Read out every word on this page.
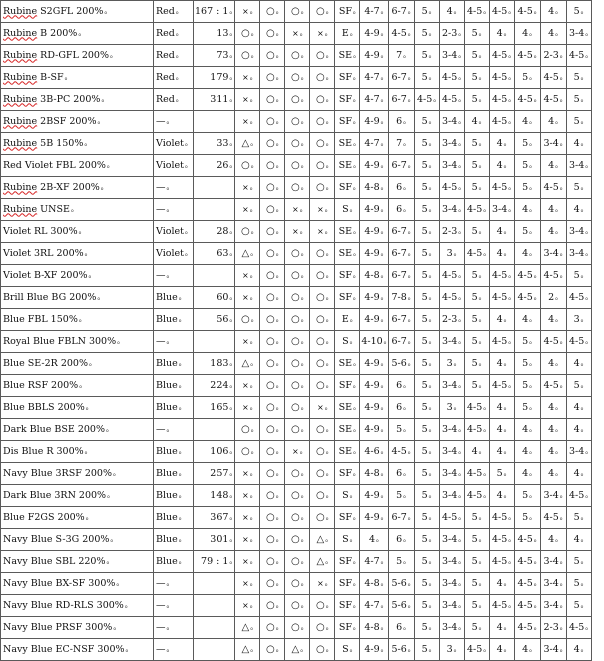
Rubine S2GFL 200%ₒ	Redₒ	167 : 1ₒ	×ₒ	○ₒ	○ₒ	○ₒ	SFₒ	4-7ₒ	6-7ₒ	5ₒ	4ₒ	4-5ₒ	4-5ₒ	4-5ₒ	4ₒ	5ₒ
Rubine B 200%ₒ	Redₒ	13ₒ	○ₒ	○ₒ	×ₒ	×ₒ	Eₒ	4-9ₒ	4-5ₒ	5ₒ	2-3ₒ	5ₒ	4ₒ	4ₒ	4ₒ	3-4ₒ
Rubine RD-GFL 200%ₒ	Redₒ	73ₒ	○ₒ	○ₒ	○ₒ	○ₒ	SEₒ	4-9ₒ	7ₒ	5ₒ	3-4ₒ	5ₒ	4-5ₒ	4-5ₒ	2-3ₒ	4-5ₒ
Rubine B-SFₒ	Redₒ	179ₒ	×ₒ	○ₒ	○ₒ	○ₒ	SFₒ	4-7ₒ	6-7ₒ	5ₒ	4-5ₒ	5ₒ	4-5ₒ	5ₒ	4-5ₒ	5ₒ
Rubine 3B-PC 200%ₒ	Redₒ	311ₒ	×ₒ	○ₒ	○ₒ	○ₒ	SFₒ	4-7ₒ	6-7ₒ	4-5ₒ	4-5ₒ	5ₒ	4-5ₒ	4-5ₒ	4-5ₒ	5ₒ
Rubine 2BSF 200%ₒ	—ₒ		×ₒ	○ₒ	○ₒ	○ₒ	SFₒ	4-9ₒ	6ₒ	5ₒ	3-4ₒ	4ₒ	4-5ₒ	4ₒ	4ₒ	5ₒ
Rubine 5B 150%ₒ	Violetₒ	33ₒ	△ₒ	○ₒ	○ₒ	○ₒ	SEₒ	4-7ₒ	7ₒ	5ₒ	3-4ₒ	5ₒ	4ₒ	5ₒ	3-4ₒ	4ₒ
Red Violet FBL 200%ₒ	Violetₒ	26ₒ	○ₒ	○ₒ	○ₒ	○ₒ	SEₒ	4-9ₒ	6-7ₒ	5ₒ	3-4ₒ	5ₒ	4ₒ	5ₒ	4ₒ	3-4ₒ
Rubine 2B-XF 200%ₒ	—ₒ		×ₒ	○ₒ	○ₒ	○ₒ	SFₒ	4-8ₒ	6ₒ	5ₒ	4-5ₒ	5ₒ	4-5ₒ	5ₒ	4-5ₒ	5ₒ
Rubine UNSEₒ	—ₒ		×ₒ	○ₒ	×ₒ	×ₒ	Sₒ	4-9ₒ	6ₒ	5ₒ	3-4ₒ	4-5ₒ	3-4ₒ	4ₒ	4ₒ	4ₒ
Violet RL 300%ₒ	Violetₒ	28ₒ	○ₒ	○ₒ	×ₒ	×ₒ	SEₒ	4-9ₒ	6-7ₒ	5ₒ	2-3ₒ	5ₒ	4ₒ	5ₒ	4ₒ	3-4ₒ
Violet 3RL 200%ₒ	Violetₒ	63ₒ	△ₒ	○ₒ	○ₒ	○ₒ	SEₒ	4-9ₒ	6-7ₒ	5ₒ	3ₒ	4-5ₒ	4ₒ	4ₒ	3-4ₒ	3-4ₒ
Violet B-XF 200%ₒ	—ₒ		×ₒ	○ₒ	○ₒ	○ₒ	SFₒ	4-8ₒ	6-7ₒ	5ₒ	4-5ₒ	5ₒ	4-5ₒ	4-5ₒ	4-5ₒ	5ₒ
Brill Blue BG 200%ₒ	Blueₒ	60ₒ	×ₒ	○ₒ	○ₒ	○ₒ	SFₒ	4-9ₒ	7-8ₒ	5ₒ	4-5ₒ	5ₒ	4-5ₒ	4-5ₒ	2ₒ	4-5ₒ
Blue FBL 150%ₒ	Blueₒ	56ₒ	○ₒ	○ₒ	○ₒ	○ₒ	Eₒ	4-9ₒ	6-7ₒ	5ₒ	2-3ₒ	5ₒ	4ₒ	4ₒ	4ₒ	3ₒ
Royal Blue FBLN 300%ₒ	—ₒ		×ₒ	○ₒ	○ₒ	○ₒ	Sₒ	4-10ₒ	6-7ₒ	5ₒ	3-4ₒ	5ₒ	4-5ₒ	5ₒ	4-5ₒ	4-5ₒ
Blue SE-2R 200%ₒ	Blueₒ	183ₒ	△ₒ	○ₒ	○ₒ	○ₒ	SEₒ	4-9ₒ	5-6ₒ	5ₒ	3ₒ	5ₒ	4ₒ	5ₒ	4ₒ	4ₒ
Blue RSF 200%ₒ	Blueₒ	224ₒ	×ₒ	○ₒ	○ₒ	○ₒ	SFₒ	4-9ₒ	6ₒ	5ₒ	3-4ₒ	5ₒ	4-5ₒ	5ₒ	4-5ₒ	5ₒ
Blue BBLS 200%ₒ	Blueₒ	165ₒ	×ₒ	○ₒ	○ₒ	×ₒ	SEₒ	4-9ₒ	6ₒ	5ₒ	3ₒ	4-5ₒ	4ₒ	5ₒ	4ₒ	4ₒ
Dark Blue BSE 200%ₒ	—ₒ		○ₒ	○ₒ	○ₒ	○ₒ	SEₒ	4-9ₒ	5ₒ	5ₒ	3-4ₒ	4-5ₒ	4ₒ	4ₒ	4ₒ	4ₒ
Dis Blue R 300%ₒ	Blueₒ	106ₒ	○ₒ	○ₒ	×ₒ	○ₒ	SEₒ	4-6ₒ	4-5ₒ	5ₒ	3-4ₒ	4ₒ	4ₒ	4ₒ	4ₒ	3-4ₒ
Navy Blue 3RSF 200%ₒ	Blueₒ	257ₒ	×ₒ	○ₒ	○ₒ	○ₒ	SFₒ	4-8ₒ	6ₒ	5ₒ	3-4ₒ	4-5ₒ	5ₒ	4ₒ	4ₒ	4ₒ
Dark Blue 3RN 200%ₒ	Blueₒ	148ₒ	×ₒ	○ₒ	○ₒ	○ₒ	Sₒ	4-9ₒ	5ₒ	5ₒ	3-4ₒ	4-5ₒ	4ₒ	5ₒ	3-4ₒ	4-5ₒ
Blue F2GS 200%ₒ	Blueₒ	367ₒ	×ₒ	○ₒ	○ₒ	○ₒ	SFₒ	4-9ₒ	6-7ₒ	5ₒ	4-5ₒ	5ₒ	4-5ₒ	5ₒ	4-5ₒ	5ₒ
Navy Blue S-3G 200%ₒ	Blueₒ	301ₒ	×ₒ	○ₒ	○ₒ	△ₒ	Sₒ	4ₒ	6ₒ	5ₒ	3-4ₒ	5ₒ	4-5ₒ	4-5ₒ	4ₒ	4ₒ
Navy Blue SBL 220%ₒ	Blueₒ	79 : 1ₒ	×ₒ	○ₒ	○ₒ	△ₒ	SFₒ	4-7ₒ	5ₒ	5ₒ	3-4ₒ	5ₒ	4-5ₒ	4-5ₒ	3-4ₒ	5ₒ
Navy Blue BX-SF 300%ₒ	—ₒ		×ₒ	○ₒ	○ₒ	×ₒ	SFₒ	4-8ₒ	5-6ₒ	5ₒ	3-4ₒ	5ₒ	4ₒ	4-5ₒ	3-4ₒ	5ₒ
Navy Blue RD-RLS 300%ₒ	—ₒ		×ₒ	○ₒ	○ₒ	○ₒ	SFₒ	4-7ₒ	5-6ₒ	5ₒ	3-4ₒ	5ₒ	4-5ₒ	4-5ₒ	3-4ₒ	5ₒ
Navy Blue PRSF 300%ₒ	—ₒ		△ₒ	○ₒ	○ₒ	○ₒ	SFₒ	4-8ₒ	6ₒ	5ₒ	3-4ₒ	5ₒ	4ₒ	4-5ₒ	2-3ₒ	4-5ₒ
Navy Blue EC-NSF 300%ₒ	—ₒ		△ₒ	○ₒ	△ₒ	○ₒ	Sₒ	4-9ₒ	5-6ₒ	5ₒ	3ₒ	4-5ₒ	4ₒ	4ₒ	3-4ₒ	4ₒ
